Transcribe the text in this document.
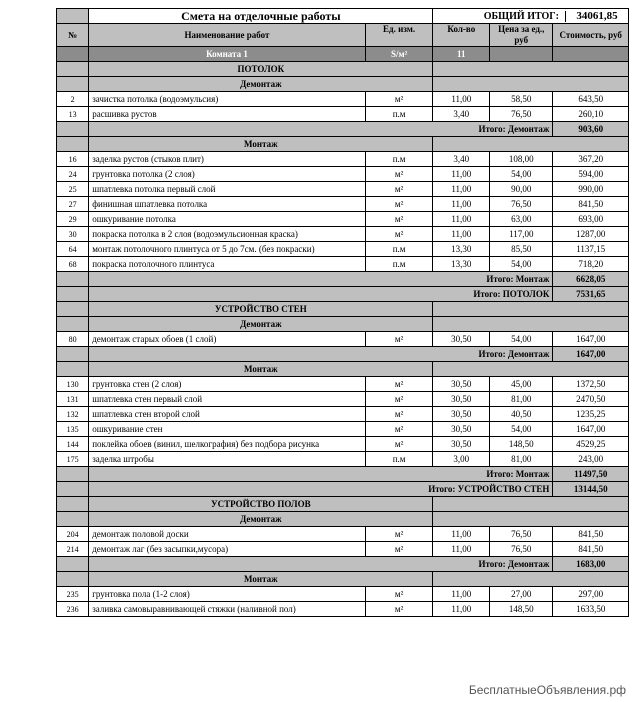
	Смета на отделочные работы		ОБЩИЙ ИТОГ: 34061,85		
№	Наименование работ	Ед. изм.	Кол-во	Цена за ед., руб	Стоимость, руб
	Комната 1	S/м²	11		
	ПОТОЛОК				
	Демонтаж				
2	зачистка потолка (водоэмульсия)	м²	11,00	58,50	643,50
13	расшивка рустов	п.м	3,40	76,50	260,10
	Итого: Демонтаж				903,60
	Монтаж				
16	заделка рустов (стыков плит)	п.м	3,40	108,00	367,20
24	грунтовка потолка (2 слоя)	м²	11,00	54,00	594,00
25	шпатлевка потолка первый слой	м²	11,00	90,00	990,00
27	финишная шпатлевка потолка	м²	11,00	76,50	841,50
29	ошкуривание потолка	м²	11,00	63,00	693,00
30	покраска потолка в 2 слоя (водоэмульсионная краска)	м²	11,00	117,00	1287,00
64	монтаж потолочного плинтуса от 5 до 7см. (без покраски)	п.м	13,30	85,50	1137,15
68	покраска потолочного плинтуса	п.м	13,30	54,00	718,20
	Итого: Монтаж				6628,05
	Итого: ПОТОЛОК				7531,65
	УСТРОЙСТВО СТЕН				
	Демонтаж				
80	демонтаж старых обоев (1 слой)	м²	30,50	54,00	1647,00
	Итого: Демонтаж				1647,00
	Монтаж				
130	грунтовка стен (2 слоя)	м²	30,50	45,00	1372,50
131	шпатлевка стен первый слой	м²	30,50	81,00	2470,50
132	шпатлевка стен второй слой	м²	30,50	40,50	1235,25
135	ошкуривание стен	м²	30,50	54,00	1647,00
144	поклейка обоев (винил, шелкография) без подбора рисунка	м²	30,50	148,50	4529,25
175	заделка штробы	п.м	3,00	81,00	243,00
	Итого: Монтаж				11497,50
	Итого: УСТРОЙСТВО СТЕН				13144,50
	УСТРОЙСТВО ПОЛОВ				
	Демонтаж				
204	демонтаж половой доски	м²	11,00	76,50	841,50
214	демонтаж лаг (без засыпки,мусора)	м²	11,00	76,50	841,50
	Итого: Демонтаж				1683,00
	Монтаж				
235	грунтовка пола (1-2 слоя)	м²	11,00	27,00	297,00
236	заливка самовыравнивающей стяжки (наливной пол)	м²	11,00	148,50	1633,50
БесплатныеОбъявления.рф
